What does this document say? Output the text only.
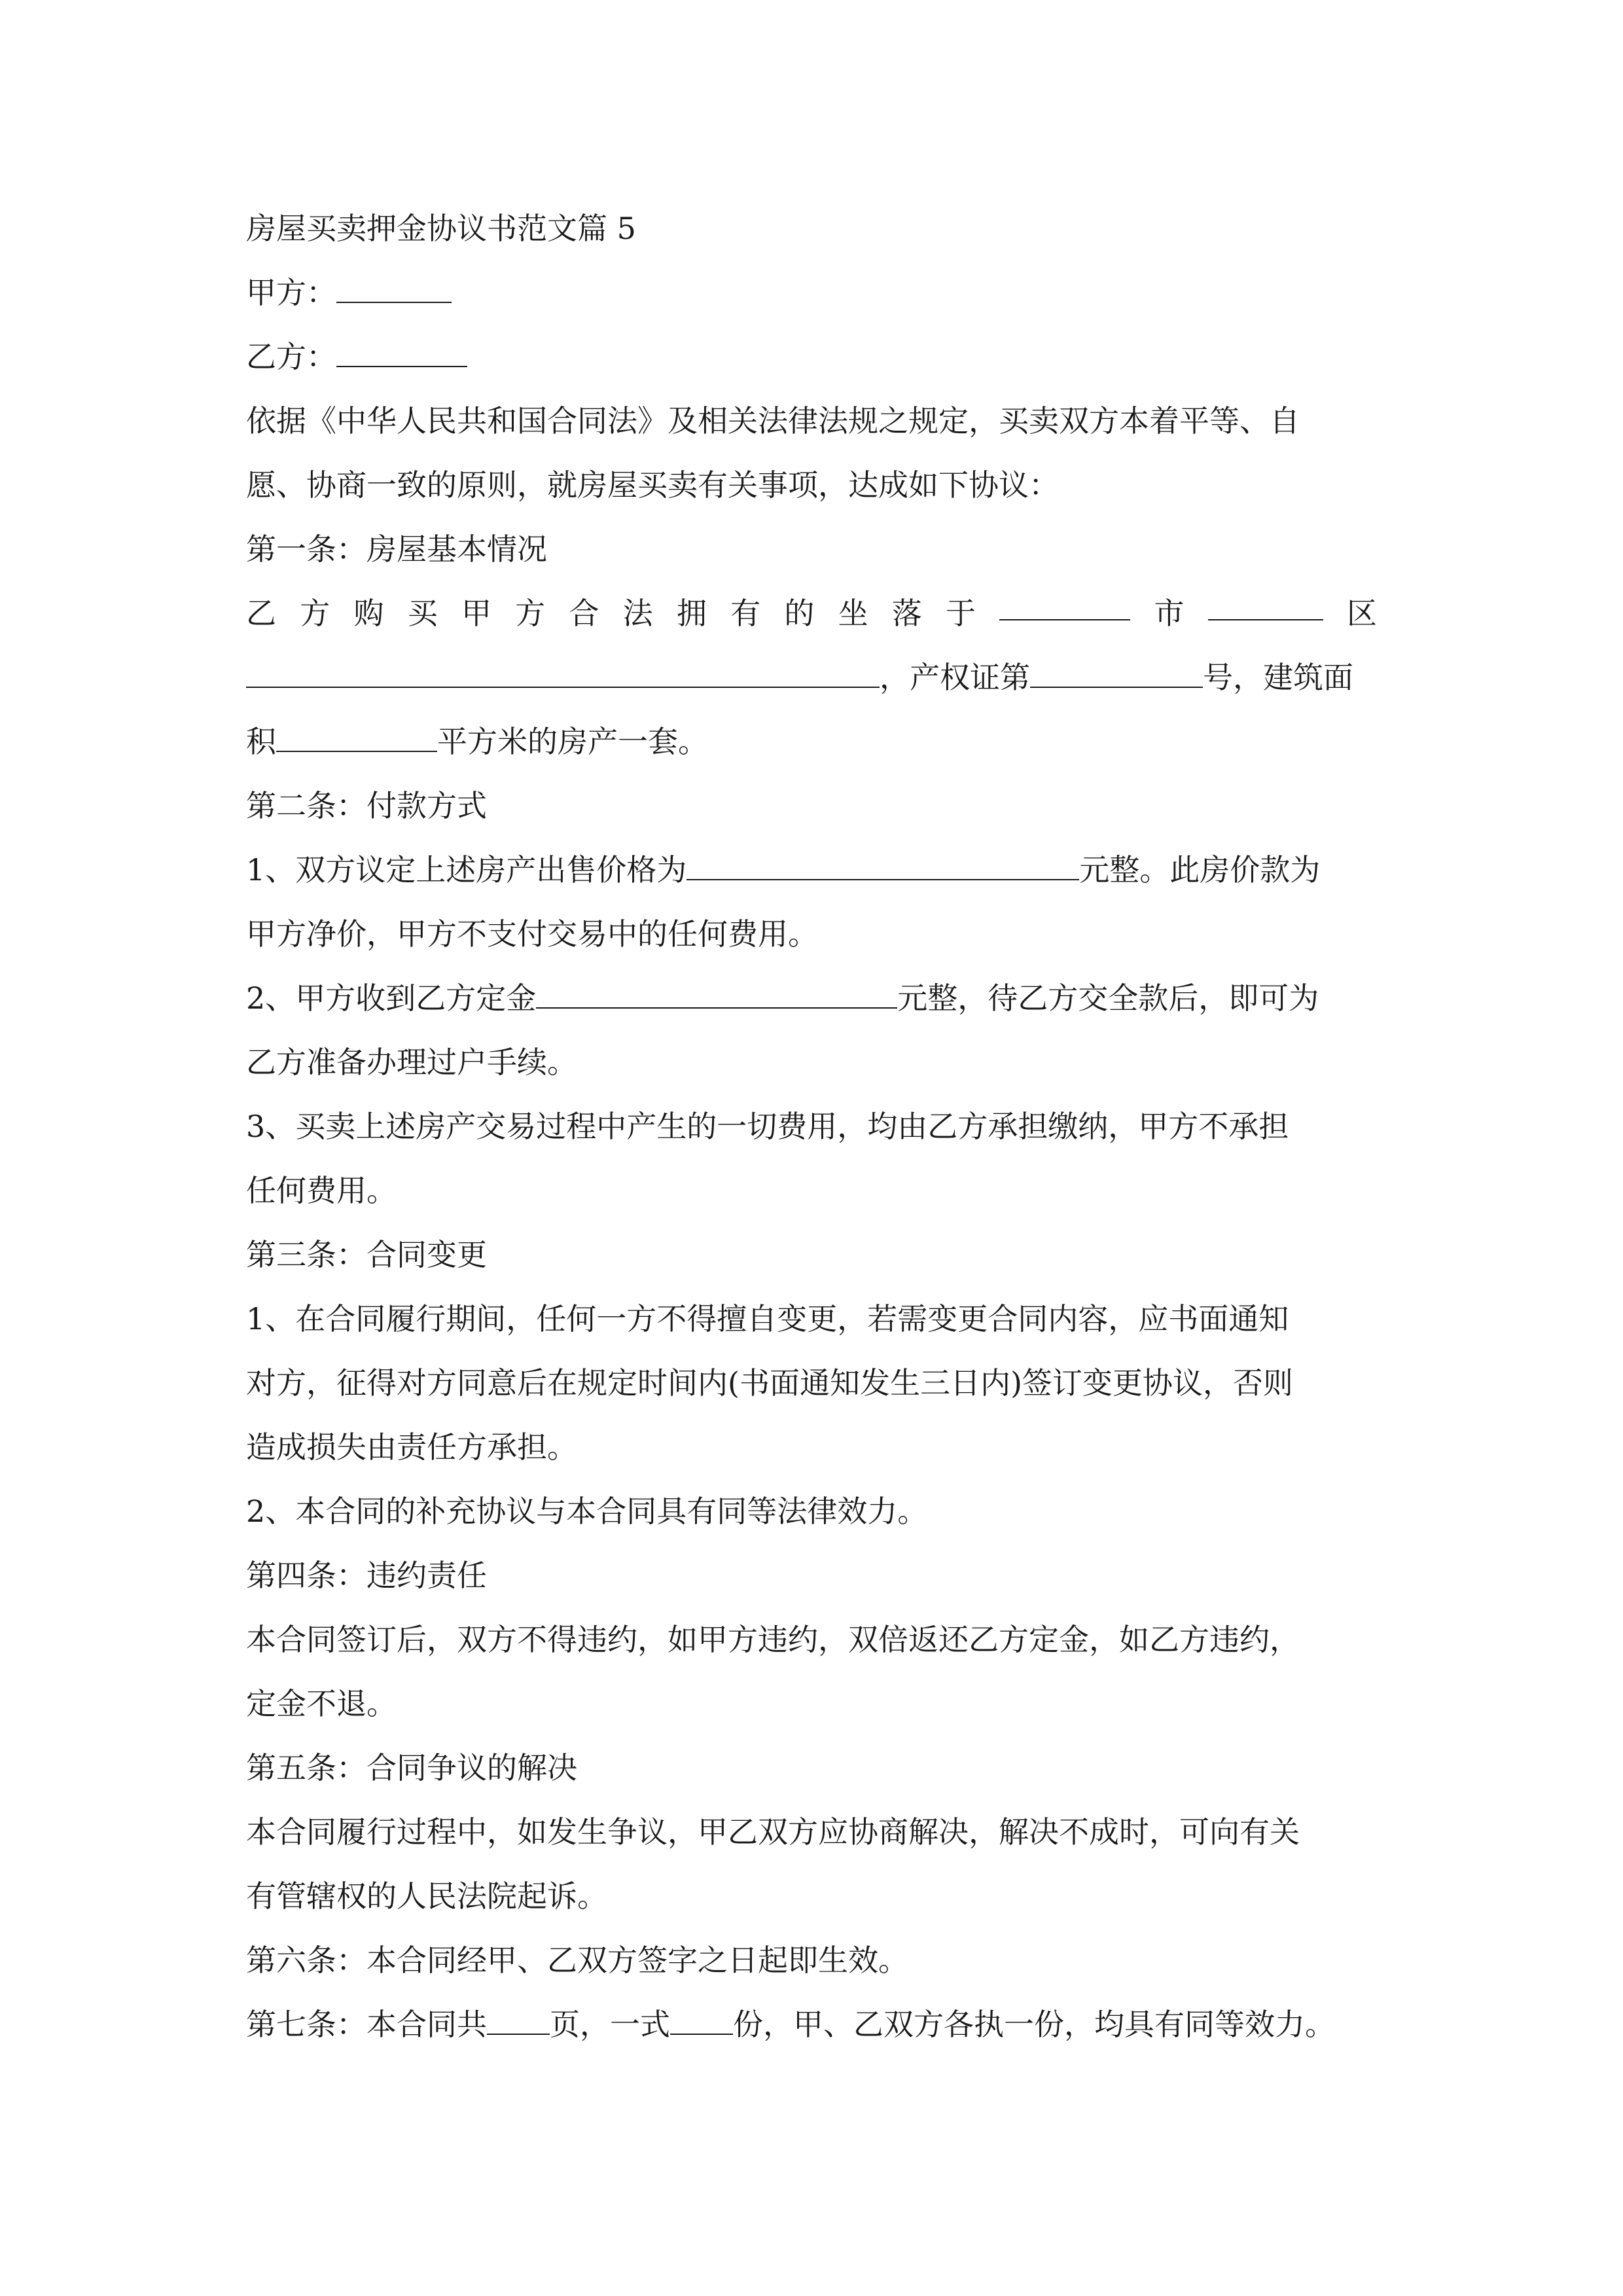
房屋买卖押金协议书范文篇 5
甲方：
乙方：
依据《中华人民共和国合同法》及相关法律法规之规定，买卖双方本着平等、自
愿、协商一致的原则，就房屋买卖有关事项，达成如下协议：
第一条：房屋基本情况
乙 方 购 买 甲 方 合 法 拥 有 的 坐 落 于	市	区
，产权证第	号，建筑面
积	平方米的房产一套。
第二条：付款方式
1、双方议定上述房产出售价格为	元整。此房价款为
甲方净价，甲方不支付交易中的任何费用。
2、甲方收到乙方定金	元整，待乙方交全款后，即可为
乙方准备办理过户手续。
3、买卖上述房产交易过程中产生的一切费用，均由乙方承担缴纳，甲方不承担
任何费用。
第三条：合同变更
1、在合同履行期间，任何一方不得擅自变更，若需变更合同内容，应书面通知
对方，征得对方同意后在规定时间内(书面通知发生三日内)签订变更协议，否则
造成损失由责任方承担。
2、本合同的补充协议与本合同具有同等法律效力。
第四条：违约责任
本合同签订后，双方不得违约，如甲方违约，双倍返还乙方定金，如乙方违约，
定金不退。
第五条：合同争议的解决
本合同履行过程中，如发生争议，甲乙双方应协商解决，解决不成时，可向有关
有管辖权的人民法院起诉。
第六条：本合同经甲、乙双方签字之日起即生效。
第七条：本合同共 页，一式 份，甲、乙双方各执一份，均具有同等效力。
